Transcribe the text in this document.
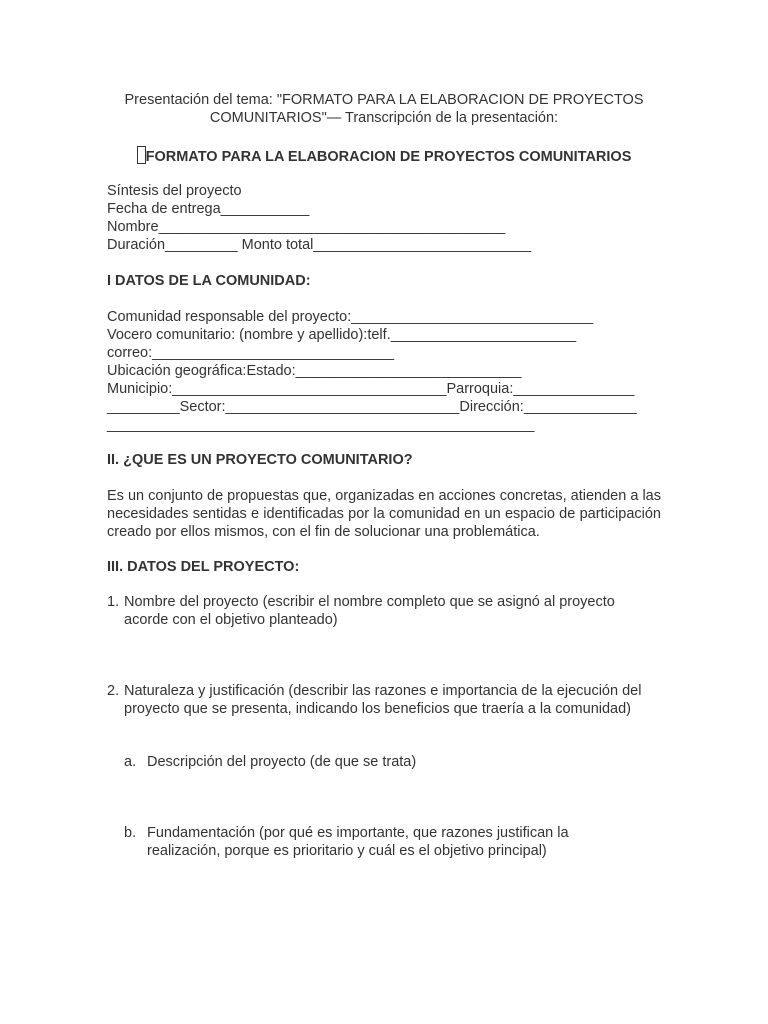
Presentación del tema: "FORMATO PARA LA ELABORACION DE PROYECTOS
COMUNITARIOS"— Transcripción de la presentación:
FORMATO PARA LA ELABORACION DE PROYECTOS COMUNITARIOS
Síntesis del proyecto
Fecha de entrega___________
Nombre___________________________________________
Duración_________ Monto total___________________________
I DATOS DE LA COMUNIDAD:
Comunidad responsable del proyecto:______________________________
Vocero comunitario: (nombre y apellido):telf._______________________
correo:______________________________
Ubicación geográfica:Estado:____________________________
Municipio:__________________________________Parroquia:_______________
_________Sector:_____________________________Dirección:______________
_____________________________________________________
II. ¿QUE ES UN PROYECTO COMUNITARIO?
Es un conjunto de propuestas que, organizadas en acciones concretas, atienden a las necesidades sentidas e identificadas por la comunidad en un espacio de participación creado por ellos mismos, con el fin de solucionar una problemática.
III. DATOS DEL PROYECTO:
1. Nombre del proyecto (escribir el nombre completo que se asignó al proyecto acorde con el objetivo planteado)
2. Naturaleza y justificación (describir las razones e importancia de la ejecución del proyecto que se presenta, indicando los beneficios que traería a la comunidad)
a. Descripción del proyecto (de que se trata)
b. Fundamentación (por qué es importante, que razones justifican la realización, porque es prioritario y cuál es el objetivo principal)
